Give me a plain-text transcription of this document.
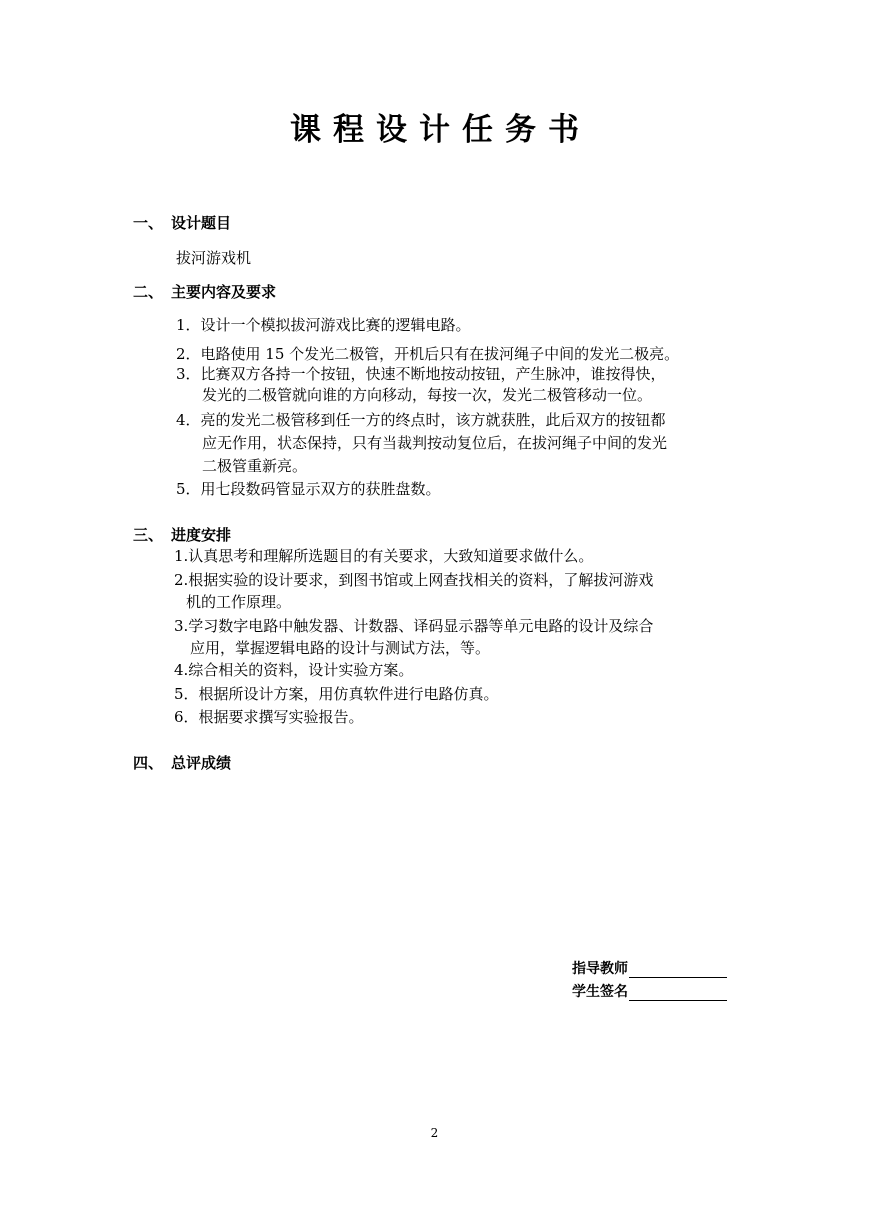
课程设计任务书
一、 设计题目
拔河游戏机
二、 主要内容及要求
1．设计一个模拟拔河游戏比赛的逻辑电路。
2．电路使用 15 个发光二极管，开机后只有在拔河绳子中间的发光二极亮。
3．比赛双方各持一个按钮，快速不断地按动按钮，产生脉冲，谁按得快，
发光的二极管就向谁的方向移动，每按一次，发光二极管移动一位。
4．亮的发光二极管移到任一方的终点时，该方就获胜，此后双方的按钮都
应无作用，状态保持，只有当裁判按动复位后，在拔河绳子中间的发光
二极管重新亮。
5．用七段数码管显示双方的获胜盘数。
三、 进度安排
1.认真思考和理解所选题目的有关要求，大致知道要求做什么。
2.根据实验的设计要求，到图书馆或上网查找相关的资料，了解拔河游戏
机的工作原理。
3.学习数字电路中触发器、计数器、译码显示器等单元电路的设计及综合
应用，掌握逻辑电路的设计与测试方法，等。
4.综合相关的资料，设计实验方案。
5．根据所设计方案，用仿真软件进行电路仿真。
6．根据要求撰写实验报告。
四、 总评成绩
指导教师
学生签名
2
